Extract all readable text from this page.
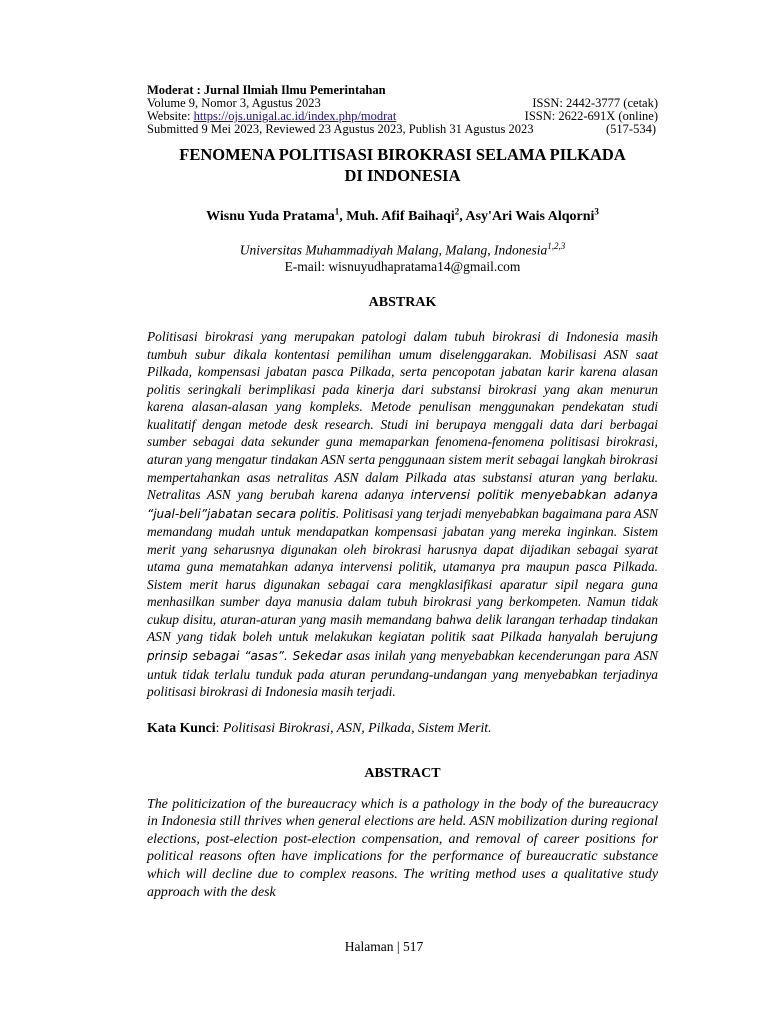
Moderat : Jurnal Ilmiah Ilmu Pemerintahan
Volume 9, Nomor 3, Agustus 2023	ISSN: 2442-3777 (cetak)
Website: https://ojs.unigal.ac.id/index.php/modrat	ISSN: 2622-691X (online)
Submitted 9 Mei 2023, Reviewed 23 Agustus 2023, Publish 31 Agustus 2023	(517-534)
FENOMENA POLITISASI BIROKRASI SELAMA PILKADA
DI INDONESIA
Wisnu Yuda Pratama$^1$, Muh. Afif Baihaqi$^2$, Asy'Ari Wais Alqorni$^3$
Universitas Muhammadiyah Malang, Malang, Indonesia$^{1,2,3}$
E-mail: wisnuyudhapratama14@gmail.com
ABSTRAK
Politisasi birokrasi yang merupakan patologi dalam tubuh birokrasi di Indonesia masih tumbuh subur dikala kontentasi pemilihan umum diselenggarakan. Mobilisasi ASN saat Pilkada, kompensasi jabatan pasca Pilkada, serta pencopotan jabatan karir karena alasan politis seringkali berimplikasi pada kinerja dari substansi birokrasi yang akan menurun karena alasan-alasan yang kompleks. Metode penulisan menggunakan pendekatan studi kualitatif dengan metode desk research. Studi ini berupaya menggali data dari berbagai sumber sebagai data sekunder guna memaparkan fenomena-fenomena politisasi birokrasi, aturan yang mengatur tindakan ASN serta penggunaan sistem merit sebagai langkah birokrasi mempertahankan asas netralitas ASN dalam Pilkada atas substansi aturan yang berlaku. Netralitas ASN yang berubah karena adanya intervensi politik menyebabkan adanya “jual-beli”jabatan secara politis. Politisasi yang terjadi menyebabkan bagaimana para ASN memandang mudah untuk mendapatkan kompensasi jabatan yang mereka inginkan. Sistem merit yang seharusnya digunakan oleh birokrasi harusnya dapat dijadikan sebagai syarat utama guna mematahkan adanya intervensi politik, utamanya pra maupun pasca Pilkada. Sistem merit harus digunakan sebagai cara mengklasifikasi aparatur sipil negara guna menhasilkan sumber daya manusia dalam tubuh birokrasi yang berkompeten. Namun tidak cukup disitu, aturan-aturan yang masih memandang bahwa delik larangan terhadap tindakan ASN yang tidak boleh untuk melakukan kegiatan politik saat Pilkada hanyalah berujung prinsip sebagai “asas”. Sekedar asas inilah yang menyebabkan kecenderungan para ASN untuk tidak terlalu tunduk pada aturan perundang-undangan yang menyebabkan terjadinya politisasi birokrasi di Indonesia masih terjadi.
Kata Kunci: Politisasi Birokrasi, ASN, Pilkada, Sistem Merit.
ABSTRACT
The politicization of the bureaucracy which is a pathology in the body of the bureaucracy in Indonesia still thrives when general elections are held. ASN mobilization during regional elections, post-election post-election compensation, and removal of career positions for political reasons often have implications for the performance of bureaucratic substance which will decline due to complex reasons. The writing method uses a qualitative study approach with the desk
Halaman | 517
